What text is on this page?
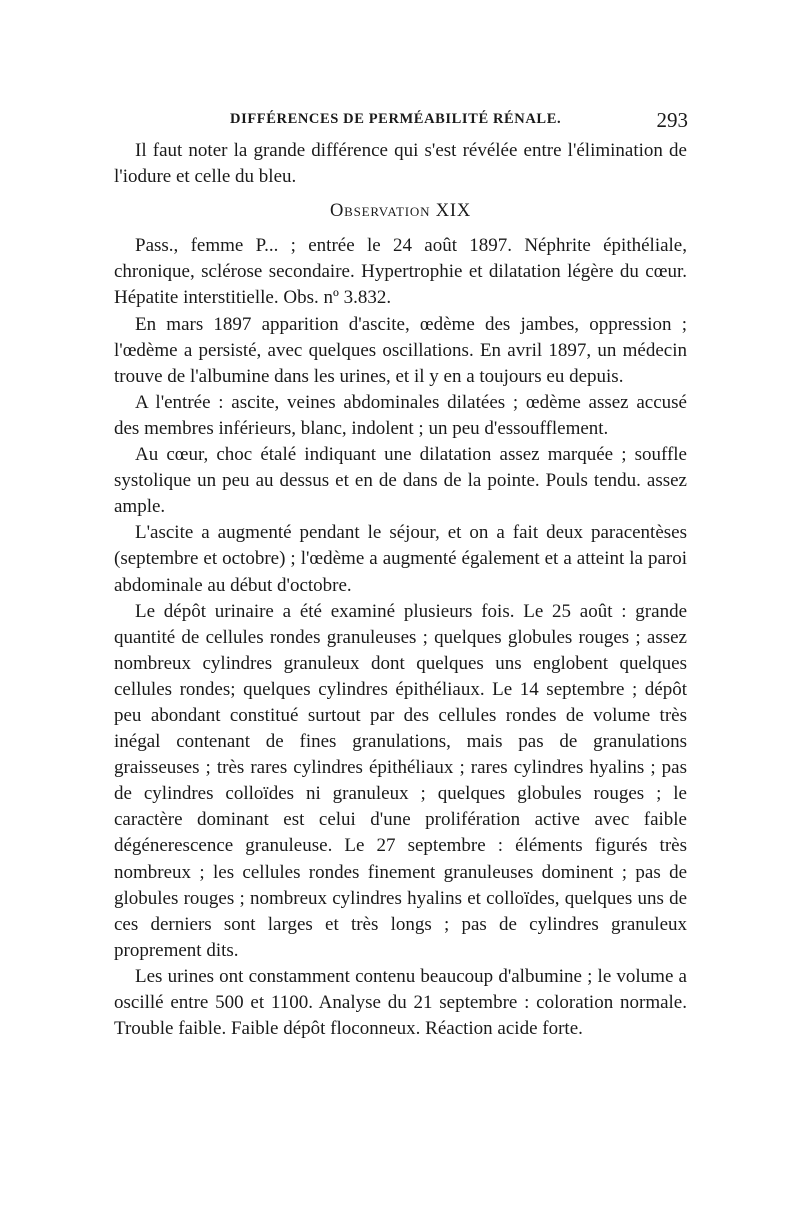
DIFFÉRENCES DE PERMÉABILITÉ RÉNALE.	293

Il faut noter la grande différence qui s'est révélée entre l'élimination de l'iodure et celle du bleu.

Observation XIX

Pass., femme P... ; entrée le 24 août 1897. Néphrite épithéliale, chronique, sclérose secondaire. Hypertrophie et dilatation légère du cœur. Hépatite interstitielle. Obs. nº 3.832.

En mars 1897 apparition d'ascite, œdème des jambes, oppression ; l'œdème a persisté, avec quelques oscillations. En avril 1897, un médecin trouve de l'albumine dans les urines, et il y en a toujours eu depuis.

A l'entrée : ascite, veines abdominales dilatées ; œdème assez accusé des membres inférieurs, blanc, indolent ; un peu d'essoufflement.

Au cœur, choc étalé indiquant une dilatation assez marquée ; souffle systolique un peu au dessus et en de dans de la pointe. Pouls tendu. assez ample.

L'ascite a augmenté pendant le séjour, et on a fait deux paracentèses (septembre et octobre) ; l'œdème a augmenté également et a atteint la paroi abdominale au début d'octobre.

Le dépôt urinaire a été examiné plusieurs fois. Le 25 août : grande quantité de cellules rondes granuleuses ; quelques globules rouges ; assez nombreux cylindres granuleux dont quelques uns englobent quelques cellules rondes; quelques cylindres épithéliaux. Le 14 septembre ; dépôt peu abondant constitué surtout par des cellules rondes de volume très inégal contenant de fines granulations, mais pas de granulations graisseuses ; très rares cylindres épithéliaux ; rares cylindres hyalins ; pas de cylindres colloïdes ni granuleux ; quelques globules rouges ; le caractère dominant est celui d'une prolifération active avec faible dégénerescence granuleuse. Le 27 septembre : éléments figurés très nombreux ; les cellules rondes finement granuleuses dominent ; pas de globules rouges ; nombreux cylindres hyalins et colloïdes, quelques uns de ces derniers sont larges et très longs ; pas de cylindres granuleux proprement dits.

Les urines ont constamment contenu beaucoup d'albumine ; le volume a oscillé entre 500 et 1100. Analyse du 21 septembre : coloration normale. Trouble faible. Faible dépôt floconneux. Réaction acide forte.
